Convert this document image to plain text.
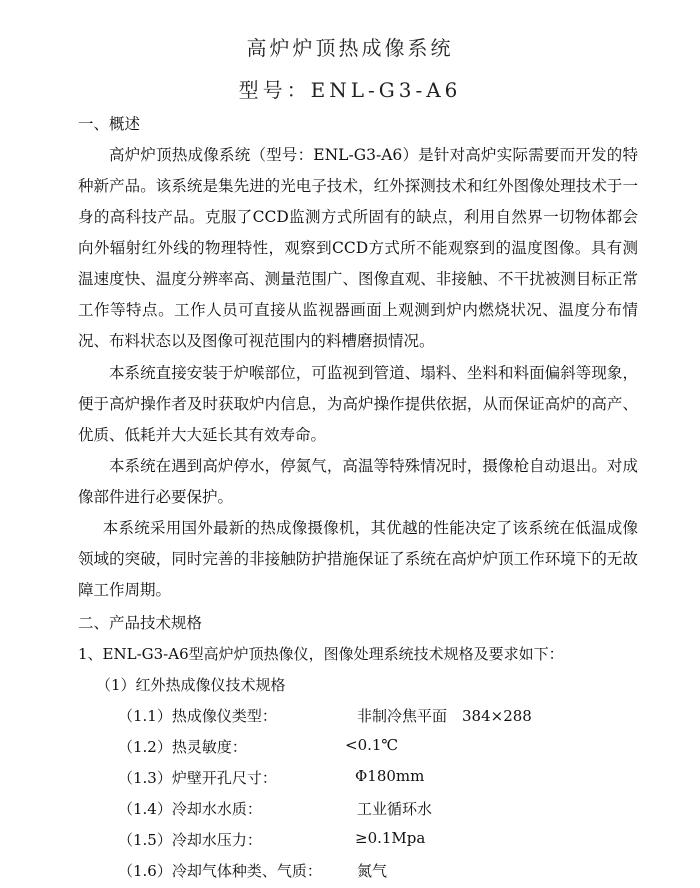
高炉炉顶热成像系统
型号：ENL-G3-A6
一、概述

高炉炉顶热成像系统（型号：ENL-G3-A6）是针对高炉实际需要而开发的特种新产品。该系统是集先进的光电子技术，红外探测技术和红外图像处理技术于一身的高科技产品。克服了CCD监测方式所固有的缺点，利用自然界一切物体都会向外辐射红外线的物理特性，观察到CCD方式所不能观察到的温度图像。具有测温速度快、温度分辨率高、测量范围广、图像直观、非接触、不干扰被测目标正常工作等特点。工作人员可直接从监视器画面上观测到炉内燃烧状况、温度分布情况、布料状态以及图像可视范围内的料槽磨损情况。

本系统直接安装于炉喉部位，可监视到管道、塌料、坐料和料面偏斜等现象，便于高炉操作者及时获取炉内信息，为高炉操作提供依据，从而保证高炉的高产、优质、低耗并大大延长其有效寿命。

本系统在遇到高炉停水，停氮气，高温等特殊情况时，摄像枪自动退出。对成像部件进行必要保护。

本系统采用国外最新的热成像摄像机，其优越的性能决定了该系统在低温成像领域的突破，同时完善的非接触防护措施保证了系统在高炉炉顶工作环境下的无故障工作周期。

二、产品技术规格
1、ENL-G3-A6型高炉炉顶热像仪，图像处理系统技术规格及要求如下：
（1）红外热成像仪技术规格
（1.1）热成像仪类型：	非制冷焦平面　384×288
（1.2）热灵敏度：	<0.1℃
（1.3）炉壁开孔尺寸：	Φ180mm
（1.4）冷却水水质：	工业循环水
（1.5）冷却水压力：	≥0.1Mpa
（1.6）冷却气体种类、气质： 氮气
